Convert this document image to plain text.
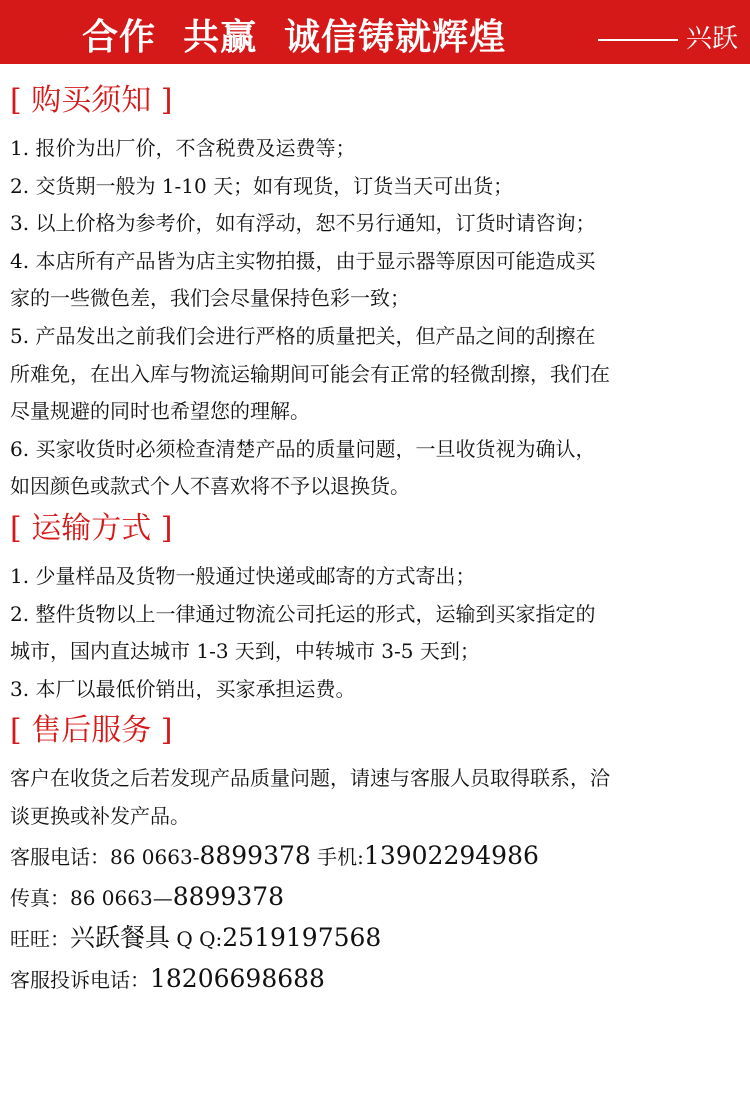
合作  共赢  诚信铸就辉煌	兴跃
[ 购买须知 ]
1. 报价为出厂价，不含税费及运费等；
2. 交货期一般为 1-10 天；如有现货，订货当天可出货；
3. 以上价格为参考价，如有浮动，恕不另行通知，订货时请咨询；
4. 本店所有产品皆为店主实物拍摄，由于显示器等原因可能造成买
家的一些微色差，我们会尽量保持色彩一致；
5. 产品发出之前我们会进行严格的质量把关，但产品之间的刮擦在
所难免，在出入库与物流运输期间可能会有正常的轻微刮擦，我们在
尽量规避的同时也希望您的理解。
6. 买家收货时必须检查清楚产品的质量问题，一旦收货视为确认，
如因颜色或款式个人不喜欢将不予以退换货。
[ 运输方式 ]
1. 少量样品及货物一般通过快递或邮寄的方式寄出；
2. 整件货物以上一律通过物流公司托运的形式，运输到买家指定的
城市，国内直达城市 1-3 天到，中转城市 3-5 天到；
3. 本厂以最低价销出，买家承担运费。
[ 售后服务 ]
客户在收货之后若发现产品质量问题，请速与客服人员取得联系，洽
谈更换或补发产品。
客服电话：86 0663-8899378 手机:13902294986
传真：86 0663—8899378
旺旺：兴跃餐具 Q Q:2519197568
客服投诉电话：18206698688
